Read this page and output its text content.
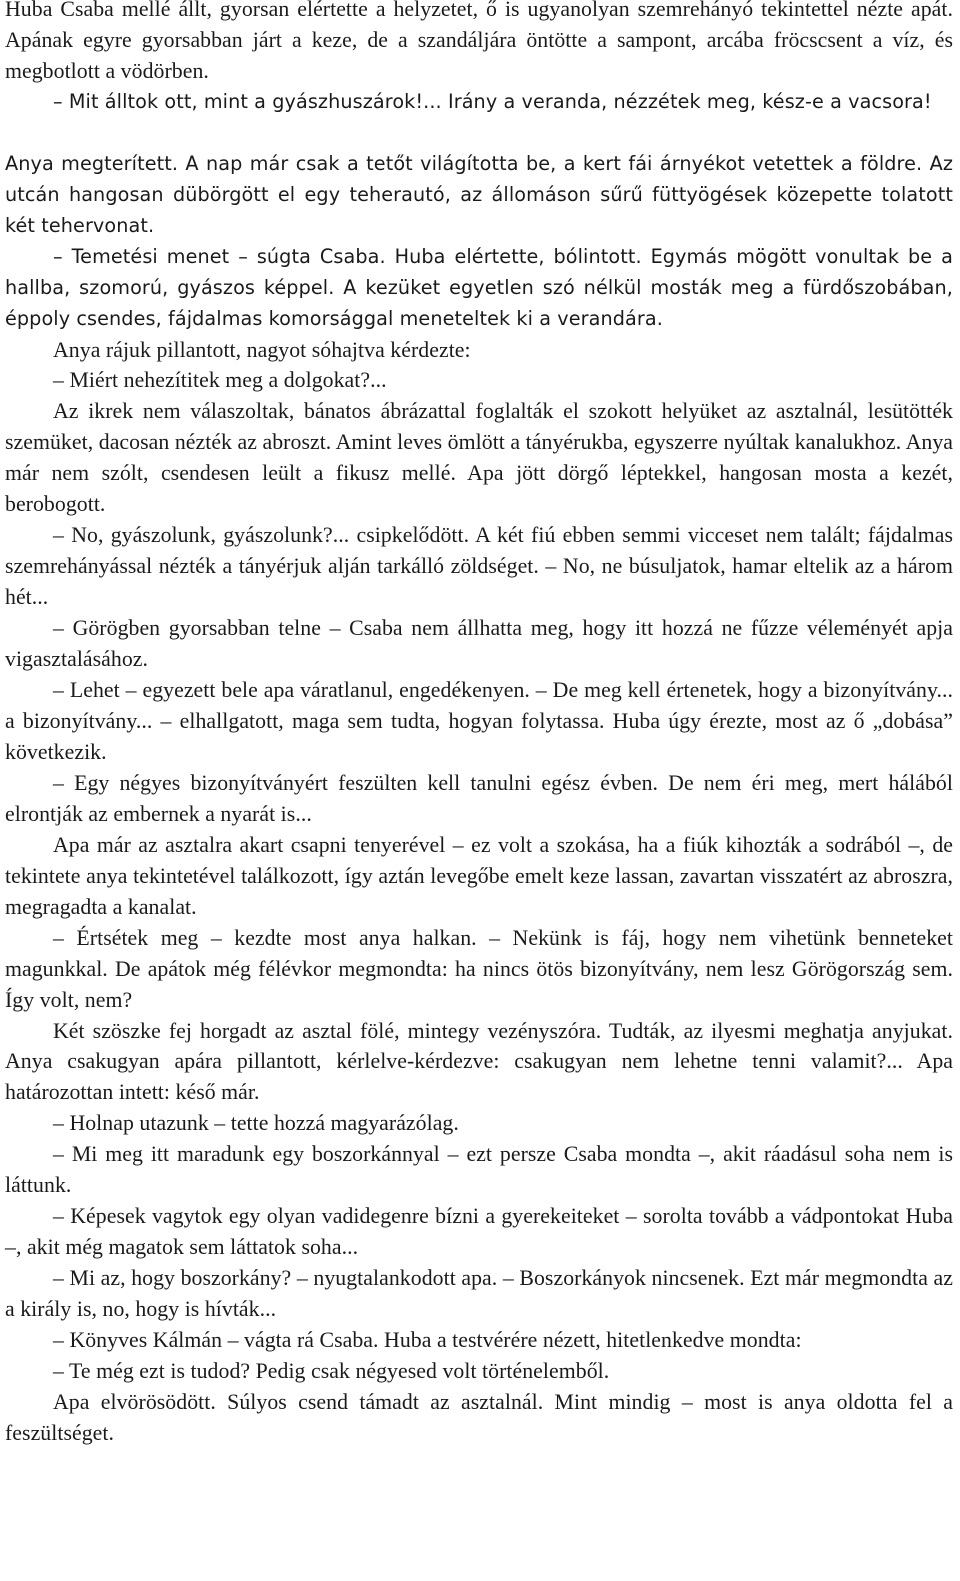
Huba Csaba mellé állt, gyorsan elértette a helyzetet, ő is ugyanolyan szemrehányó tekintettel nézte apát. Apának egyre gyorsabban járt a keze, de a szandáljára öntötte a sampont, arcába fröcscsent a víz, és megbotlott a vödörben.

– Mit álltok ott, mint a gyászhuszárok!... Irány a veranda, nézzétek meg, kész-e a vacsora!

Anya megterített. A nap már csak a tetőt világította be, a kert fái árnyékot vetettek a földre. Az utcán hangosan dübörgött el egy teherautó, az állomáson sűrű füttyögések közepette tolatott két tehervonat.

– Temetési menet – súgta Csaba. Huba elértette, bólintott. Egymás mögött vonultak be a hallba, szomorú, gyászos képpel. A kezüket egyetlen szó nélkül mosták meg a fürdőszobában, éppoly csendes, fájdalmas komorsággal meneteltek ki a verandára.

Anya rájuk pillantott, nagyot sóhajtva kérdezte:

– Miért nehezítitek meg a dolgokat?...

Az ikrek nem válaszoltak, bánatos ábrázattal foglalták el szokott helyüket az asztalnál, lesütötték szemüket, dacosan nézték az abroszt. Amint leves ömlött a tányérukba, egyszerre nyúltak kanalukhoz. Anya már nem szólt, csendesen leült a fikusz mellé. Apa jött dörgő léptekkel, hangosan mosta a kezét, berobogott.

– No, gyászolunk, gyászolunk?... csipkelődött. A két fiú ebben semmi vicceset nem talált; fájdalmas szemrehányással nézték a tányérjuk alján tarkálló zöldséget. – No, ne búsuljatok, hamar eltelik az a három hét...

– Görögben gyorsabban telne – Csaba nem állhatta meg, hogy itt hozzá ne fűzze véleményét apja vigasztalásához.

– Lehet – egyezett bele apa váratlanul, engedékenyen. – De meg kell értenetek, hogy a bizonyítvány... a bizonyítvány... – elhallgatott, maga sem tudta, hogyan folytassa. Huba úgy érezte, most az ő „dobása” következik.

– Egy négyes bizonyítványért feszülten kell tanulni egész évben. De nem éri meg, mert hálából elrontják az embernek a nyarát is...

Apa már az asztalra akart csapni tenyerével – ez volt a szokása, ha a fiúk kihozták a sodrából –, de tekintete anya tekintetével találkozott, így aztán levegőbe emelt keze lassan, zavartan visszatért az abroszra, megragadta a kanalat.

– Értsétek meg – kezdte most anya halkan. – Nekünk is fáj, hogy nem vihetünk benneteket magunkkal. De apátok még félévkor megmondta: ha nincs ötös bizonyítvány, nem lesz Görögország sem. Így volt, nem?

Két szöszke fej horgadt az asztal fölé, mintegy vezényszóra. Tudták, az ilyesmi meghatja anyjukat. Anya csakugyan apára pillantott, kérlelve-kérdezve: csakugyan nem lehetne tenni valamit?... Apa határozottan intett: késő már.

– Holnap utazunk – tette hozzá magyarázólag.

– Mi meg itt maradunk egy boszorkánnyal – ezt persze Csaba mondta –, akit ráadásul soha nem is láttunk.

– Képesek vagytok egy olyan vadidegenre bízni a gyerekeiteket – sorolta tovább a vádpontokat Huba –, akit még magatok sem láttatok soha...

– Mi az, hogy boszorkány? – nyugtalankodott apa. – Boszorkányok nincsenek. Ezt már megmondta az a király is, no, hogy is hívták...

– Könyves Kálmán – vágta rá Csaba. Huba a testvérére nézett, hitetlenkedve mondta:

– Te még ezt is tudod? Pedig csak négyesed volt történelemből.

Apa elvörösödött. Súlyos csend támadt az asztalnál. Mint mindig – most is anya oldotta fel a feszültséget.
